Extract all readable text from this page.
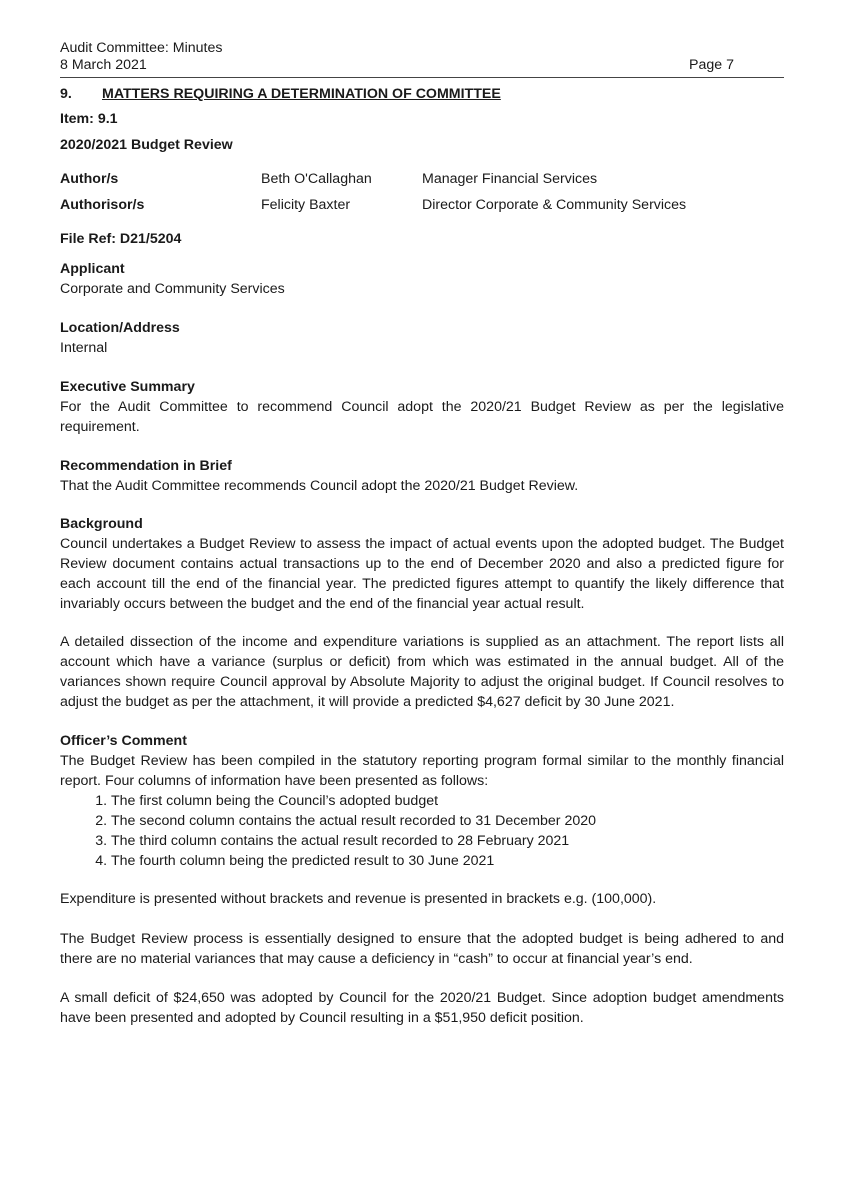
Audit Committee: Minutes
8 March 2021	Page 7
9. MATTERS REQUIRING A DETERMINATION OF COMMITTEE
Item: 9.1
2020/2021 Budget Review
Author/s	Beth O'Callaghan	Manager Financial Services
Authorisor/s	Felicity Baxter	Director Corporate & Community Services
File Ref: D21/5204
Applicant
Corporate and Community Services
Location/Address
Internal
Executive Summary
For the Audit Committee to recommend Council adopt the 2020/21 Budget Review as per the legislative requirement.
Recommendation in Brief
That the Audit Committee recommends Council adopt the 2020/21 Budget Review.
Background
Council undertakes a Budget Review to assess the impact of actual events upon the adopted budget. The Budget Review document contains actual transactions up to the end of December 2020 and also a predicted figure for each account till the end of the financial year. The predicted figures attempt to quantify the likely difference that invariably occurs between the budget and the end of the financial year actual result.
A detailed dissection of the income and expenditure variations is supplied as an attachment. The report lists all account which have a variance (surplus or deficit) from which was estimated in the annual budget. All of the variances shown require Council approval by Absolute Majority to adjust the original budget. If Council resolves to adjust the budget as per the attachment, it will provide a predicted $4,627 deficit by 30 June 2021.
Officer’s Comment
The Budget Review has been compiled in the statutory reporting program formal similar to the monthly financial report. Four columns of information have been presented as follows:
1. The first column being the Council’s adopted budget
2. The second column contains the actual result recorded to 31 December 2020
3. The third column contains the actual result recorded to 28 February 2021
4. The fourth column being the predicted result to 30 June 2021
Expenditure is presented without brackets and revenue is presented in brackets e.g. (100,000).
The Budget Review process is essentially designed to ensure that the adopted budget is being adhered to and there are no material variances that may cause a deficiency in “cash” to occur at financial year’s end.
A small deficit of $24,650 was adopted by Council for the 2020/21 Budget. Since adoption budget amendments have been presented and adopted by Council resulting in a $51,950 deficit position.
